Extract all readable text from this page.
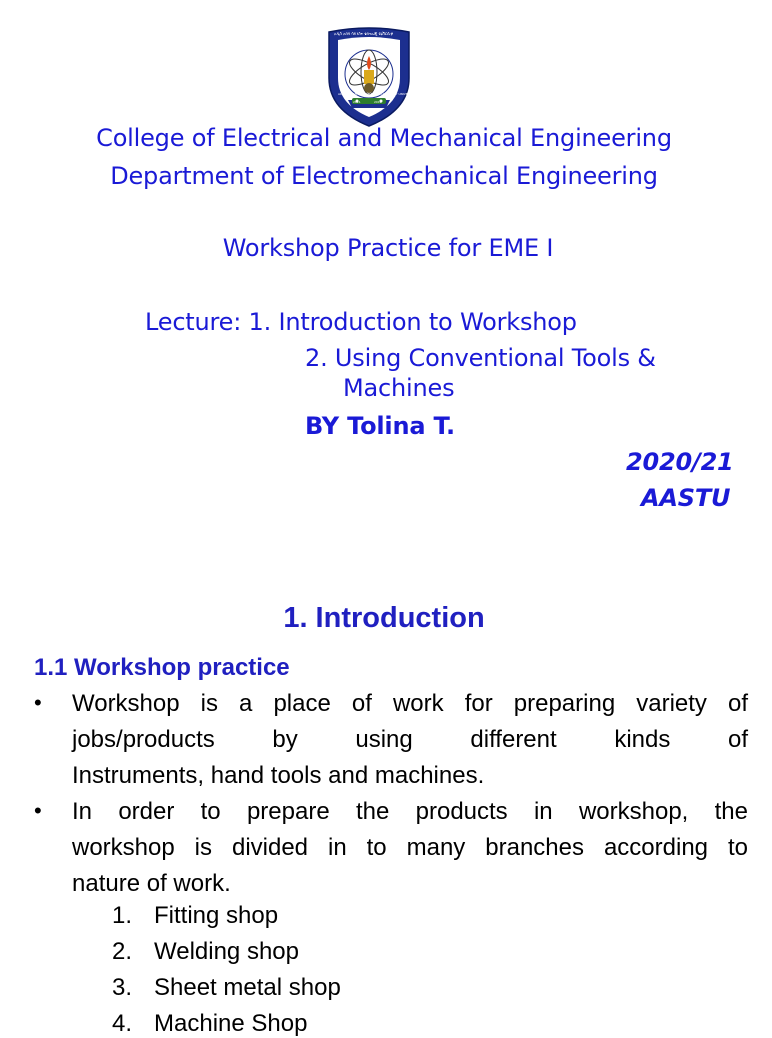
አዲስ አበባ ሳይንስና ቴክኖሎጂ ዩኒቨርሲቲ
ADDIS ABABA SCIENCE & TECHNOLOGY UNIVERSITY
2011	2011
College of Electrical and Mechanical Engineering
Department of Electromechanical Engineering
Workshop Practice for EME I
Lecture: 1. Introduction to Workshop
2. Using Conventional Tools &
Machines
BY Tolina T.
2020/21
AASTU
1. Introduction
1.1 Workshop practice
• Workshop is a place of work for preparing variety of
jobs/products by using different kinds of
Instruments, hand tools and machines.
• In order to prepare the products in workshop, the
workshop is divided in to many branches according to
nature of work.
1. Fitting shop
2. Welding shop
3. Sheet metal shop
4. Machine Shop
